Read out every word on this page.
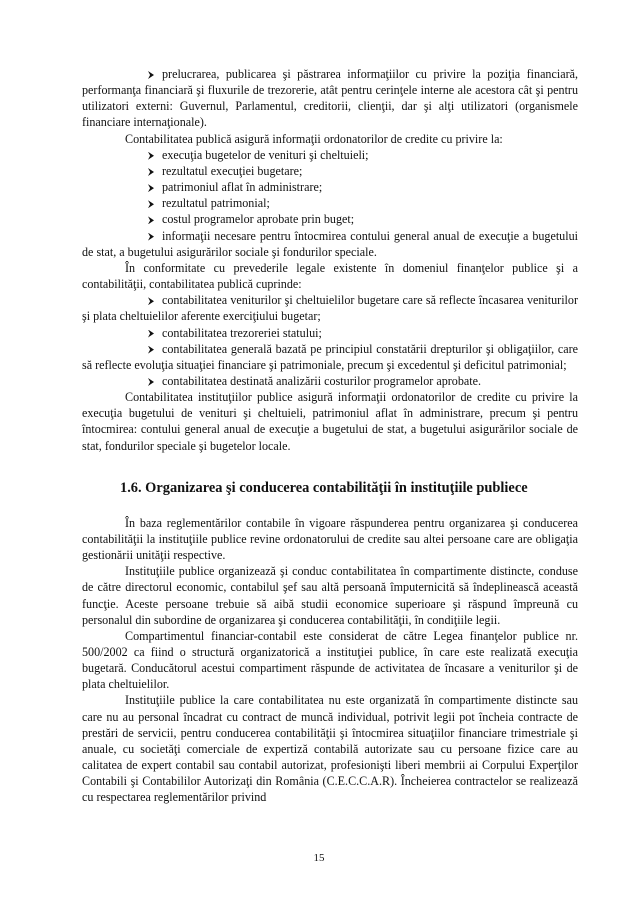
prelucrarea, publicarea şi păstrarea informaţiilor cu privire la poziţia financiară, performanţa financiară şi fluxurile de trezorerie, atât pentru cerinţele interne ale acestora cât şi pentru utilizatori externi: Guvernul, Parlamentul, creditorii, clienţii, dar şi alţi utilizatori (organismele financiare internaţionale).

Contabilitatea publică asigură informaţii ordonatorilor de credite cu privire la:

execuţia bugetelor de venituri şi cheltuieli;

rezultatul execuţiei bugetare;

patrimoniul aflat în administrare;

rezultatul patrimonial;

costul programelor aprobate prin buget;

informaţii necesare pentru întocmirea contului general anual de execuţie a bugetului de stat, a bugetului asigurărilor sociale şi fondurilor speciale.

În conformitate cu prevederile legale existente în domeniul finanţelor publice şi a contabilităţii, contabilitatea publică cuprinde:

contabilitatea veniturilor şi cheltuielilor bugetare care să reflecte încasarea veniturilor şi plata cheltuielilor aferente exerciţiului bugetar;

contabilitatea trezoreriei statului;

contabilitatea generală bazată pe principiul constatării drepturilor şi obligaţiilor, care să reflecte evoluţia situaţiei financiare şi patrimoniale, precum şi excedentul şi deficitul patrimonial;

contabilitatea destinată analizării costurilor programelor aprobate.

Contabilitatea instituţiilor publice asigură informaţii ordonatorilor de credite cu privire la execuţia bugetului de venituri şi cheltuieli, patrimoniul aflat în administrare, precum şi pentru întocmirea: contului general anual de execuţie a bugetului de stat, a bugetului asigurărilor sociale de stat, fondurilor speciale şi bugetelor locale.

1.6. Organizarea şi conducerea contabilităţii în instituţiile publiece

În baza reglementărilor contabile în vigoare răspunderea pentru organizarea şi conducerea contabilităţii la instituţiile publice revine ordonatorului de credite sau altei persoane care are obligaţia gestionării unităţii respective.

Instituţiile publice organizează şi conduc contabilitatea în compartimente distincte, conduse de către directorul economic, contabilul şef sau altă persoană împuternicită să îndeplinească această funcţie. Aceste persoane trebuie să aibă studii economice superioare şi răspund împreună cu personalul din subordine de organizarea şi conducerea contabilităţii, în condiţiile legii.

Compartimentul financiar-contabil este considerat de către Legea finanţelor publice nr. 500/2002 ca fiind o structură organizatorică a instituţiei publice, în care este realizată execuţia bugetară. Conducătorul acestui compartiment răspunde de activitatea de încasare a veniturilor şi de plata cheltuielilor.

Instituţiile publice la care contabilitatea nu este organizată în compartimente distincte sau care nu au personal încadrat cu contract de muncă individual, potrivit legii pot încheia contracte de prestări de servicii, pentru conducerea contabilităţii şi întocmirea situaţiilor financiare trimestriale şi anuale, cu societăţi comerciale de expertiză contabilă autorizate sau cu persoane fizice care au calitatea de expert contabil sau contabil autorizat, profesionişti liberi membrii ai Corpului Experţilor Contabili şi Contabililor Autorizaţi din România (C.E.C.C.A.R). Încheierea contractelor se realizează cu respectarea reglementărilor privind

15
